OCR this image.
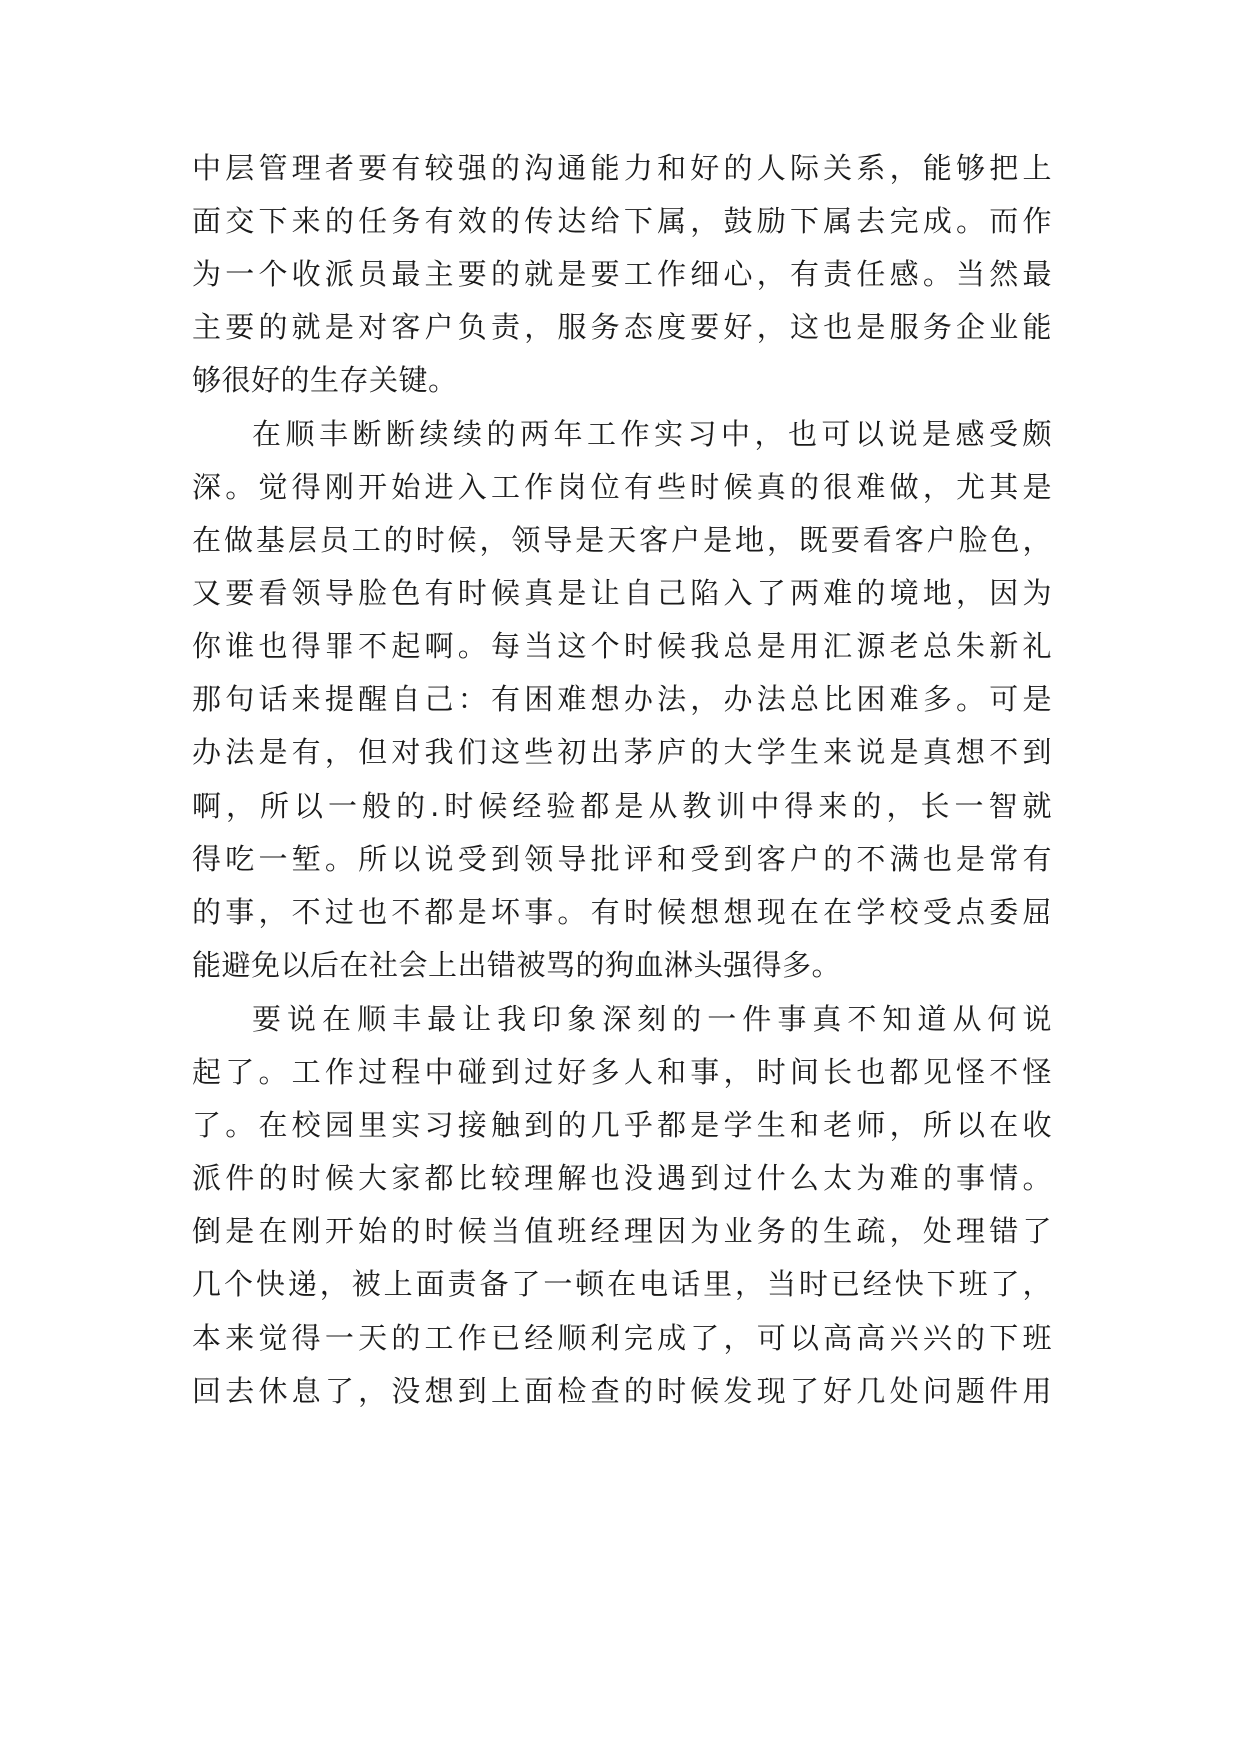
中层管理者要有较强的沟通能力和好的人际关系，能够把上
面交下来的任务有效的传达给下属，鼓励下属去完成。而作
为一个收派员最主要的就是要工作细心，有责任感。当然最
主要的就是对客户负责，服务态度要好，这也是服务企业能
够很好的生存关键。
在顺丰断断续续的两年工作实习中，也可以说是感受颇
深。觉得刚开始进入工作岗位有些时候真的很难做，尤其是
在做基层员工的时候，领导是天客户是地，既要看客户脸色，
又要看领导脸色有时候真是让自己陷入了两难的境地，因为
你谁也得罪不起啊。每当这个时候我总是用汇源老总朱新礼
那句话来提醒自己：有困难想办法，办法总比困难多。可是
办法是有，但对我们这些初出茅庐的大学生来说是真想不到
啊，所以一般的.时候经验都是从教训中得来的，长一智就
得吃一堑。所以说受到领导批评和受到客户的不满也是常有
的事，不过也不都是坏事。有时候想想现在在学校受点委屈
能避免以后在社会上出错被骂的狗血淋头强得多。
要说在顺丰最让我印象深刻的一件事真不知道从何说
起了。工作过程中碰到过好多人和事，时间长也都见怪不怪
了。在校园里实习接触到的几乎都是学生和老师，所以在收
派件的时候大家都比较理解也没遇到过什么太为难的事情。
倒是在刚开始的时候当值班经理因为业务的生疏，处理错了
几个快递，被上面责备了一顿在电话里，当时已经快下班了，
本来觉得一天的工作已经顺利完成了，可以高高兴兴的下班
回去休息了，没想到上面检查的时候发现了好几处问题件用
